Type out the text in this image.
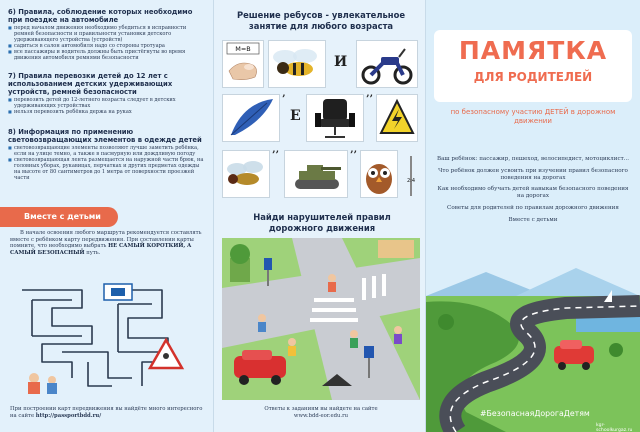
6) Правила, соблюдение которых необходимо при поездке на автомобиле
■ перед началом движения необходимо убедиться в исправности ремней безопасности и правильности установки детского удерживающего устройства (устройств)
■ садиться в салон автомобиля надо со стороны тротуара
■ все пассажиры и водитель должны быть пристёгнуты во время движения автомобиля ремнями безопасности
7) Правила перевозки детей до 12 лет с использованием детских удерживающих устройств, ремней безопасности
■ перевозить детей до 12-летнего возраста следует в детских удерживающих устройствах
■ нельзя перевозить ребёнка держа на руках
8) Информация по применению световозвращающих элементов в одежде детей
■ световозвращающие элементы позволяют лучше заметить ребёнка, если на улице темно, а также в пасмурную или дождливую погоду
■ световозвращающая лента размещается на наружной части брюк, на головных уборах, рукавицах, перчатках и других предметах одежды на высоте от 80 сантиметров до 1 метра от поверхности проезжей части
Вместе с детьми
В начале освоения любого маршрута рекомендуется составлять вместе с ребёнком карту передвижения. При составлении карты помните, что необходимо выбрать НЕ САМЫЙ КОРОТКИЙ, А САМЫЙ БЕЗОПАСНЫЙ путь.
При построении карт передвижения вы найдёте много интересного на сайте http://passportbdd.ru/
Решение ребусов - увлекательное занятие для любого возраста
М=В
И
’
Е
’’
’’	’’
2:4
Найди нарушителей правил дорожного движения
Ответы к заданиям вы найдете на сайте
www.bdd-eor.edu.ru
ПАМЯТКА
ДЛЯ РОДИТЕЛЕЙ
по безопасному участию ДЕТЕЙ в дорожном движении
Ваш ребёнок: пассажир, пешеход, велосипедист, мотоциклист...
Что ребёнок должен усвоить при изучении правил безопасного поведения на дорогах
Как необходимо обучать детей навыкам безопасного поведения на дорогах
Советы для родителей по правилам дорожного движения
Вместе с детьми
#БезопаснаяДорогаДетям
kgr-schoolkurgaz.ru
